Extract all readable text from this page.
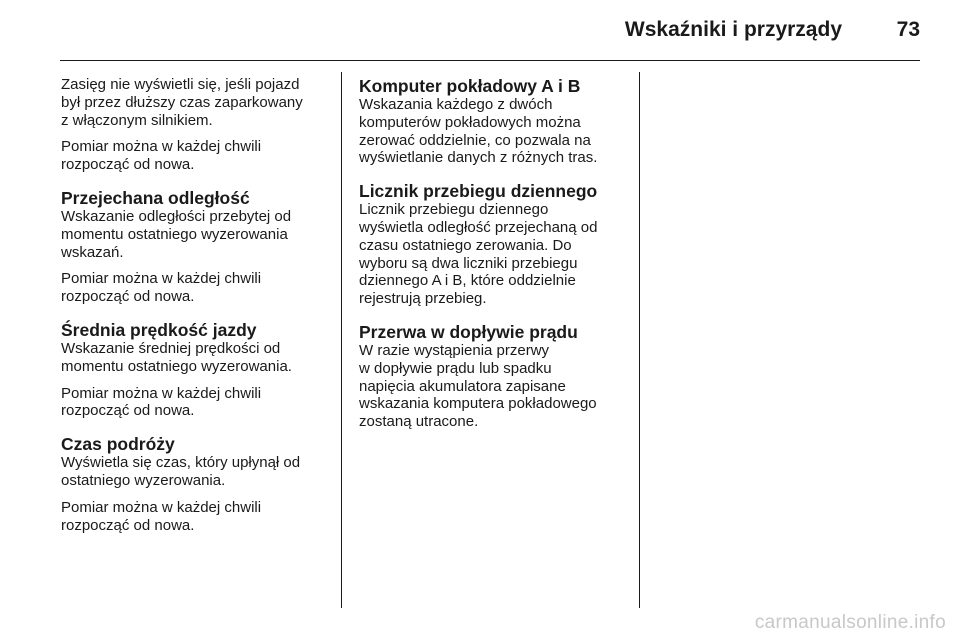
Wskaźniki i przyrządy	73

Zasięg nie wyświetli się, jeśli pojazd
był przez dłuższy czas zaparkowany
z włączonym silnikiem.

Pomiar można w każdej chwili
rozpocząć od nowa.

Przejechana odległość

Wskazanie odległości przebytej od
momentu ostatniego wyzerowania
wskazań.

Pomiar można w każdej chwili
rozpocząć od nowa.

Średnia prędkość jazdy

Wskazanie średniej prędkości od
momentu ostatniego wyzerowania.

Pomiar można w każdej chwili
rozpocząć od nowa.

Czas podróży

Wyświetla się czas, który upłynął od
ostatniego wyzerowania.

Pomiar można w każdej chwili
rozpocząć od nowa.

Komputer pokładowy A i B

Wskazania każdego z dwóch
komputerów pokładowych można
zerować oddzielnie, co pozwala na
wyświetlanie danych z różnych tras.

Licznik przebiegu dziennego

Licznik przebiegu dziennego
wyświetla odległość przejechaną od
czasu ostatniego zerowania. Do
wyboru są dwa liczniki przebiegu
dziennego A i B, które oddzielnie
rejestrują przebieg.

Przerwa w dopływie prądu

W razie wystąpienia przerwy
w dopływie prądu lub spadku
napięcia akumulatora zapisane
wskazania komputera pokładowego
zostaną utracone.

carmanualsonline.info
